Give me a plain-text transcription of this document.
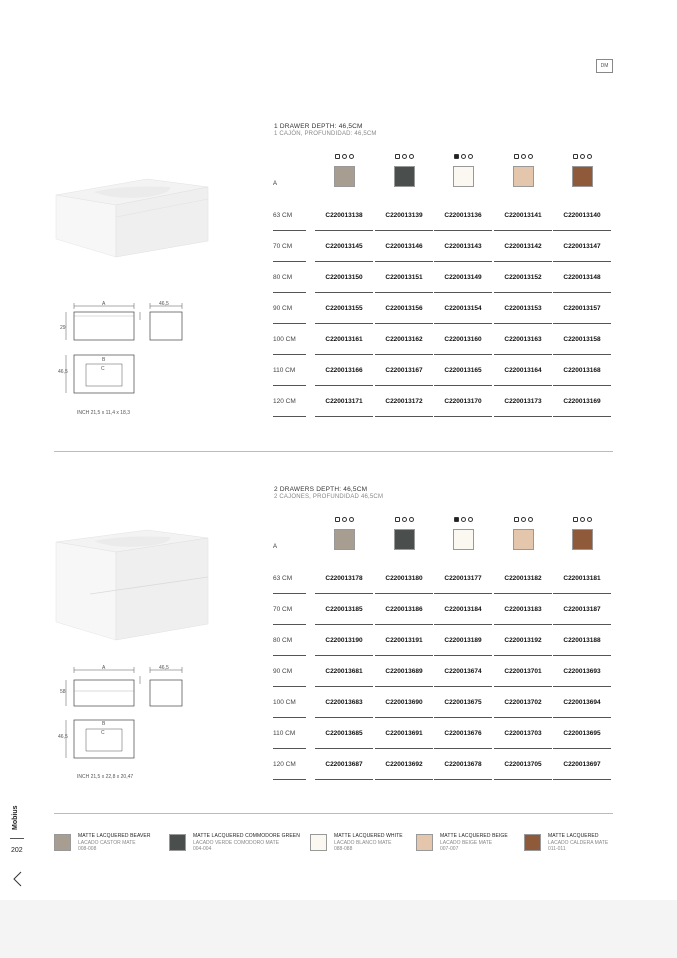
DM
1 DRAWER DEPTH: 46,5CM
1 CAJÓN, PROFUNDIDAD: 46,5CM
A	46,5
29
46,5
B
C
INCH 21,5 x 11,4 x 18,3
A
63 CM	C220013138	C220013139	C220013136	C220013141	C220013140
70 CM	C220013145	C220013146	C220013143	C220013142	C220013147
80 CM	C220013150	C220013151	C220013149	C220013152	C220013148
90 CM	C220013155	C220013156	C220013154	C220013153	C220013157
100 CM	C220013161	C220013162	C220013160	C220013163	C220013158
110 CM	C220013166	C220013167	C220013165	C220013164	C220013168
120 CM	C220013171	C220013172	C220013170	C220013173	C220013169
2 DRAWERS DEPTH: 46,5CM
2 CAJONES, PROFUNDIDAD 46,5CM
A	46,5
58
46,5
B
C
INCH 21,5 x 22,8 x 20,47
A
63 CM	C220013178	C220013180	C220013177	C220013182	C220013181
70 CM	C220013185	C220013186	C220013184	C220013183	C220013187
80 CM	C220013190	C220013191	C220013189	C220013192	C220013188
90 CM	C220013681	C220013689	C220013674	C220013701	C220013693
100 CM	C220013683	C220013690	C220013675	C220013702	C220013694
110 CM	C220013685	C220013691	C220013676	C220013703	C220013695
120 CM	C220013687	C220013692	C220013678	C220013705	C220013697
MATTE LACQUERED BEAVER
LACADO CASTOR MATE
008-008
MATTE LACQUERED COMMODORE GREEN
LACADO VERDE COMODORO MATE
004-004
MATTE LACQUERED WHITE
LACADO BLANCO MATE
088-088
MATTE LACQUERED BEIGE
LACADO BEIGE MATE
007-007
MATTE LACQUERED
LACADO CALDERA MATE
011-011
Mobius
202
